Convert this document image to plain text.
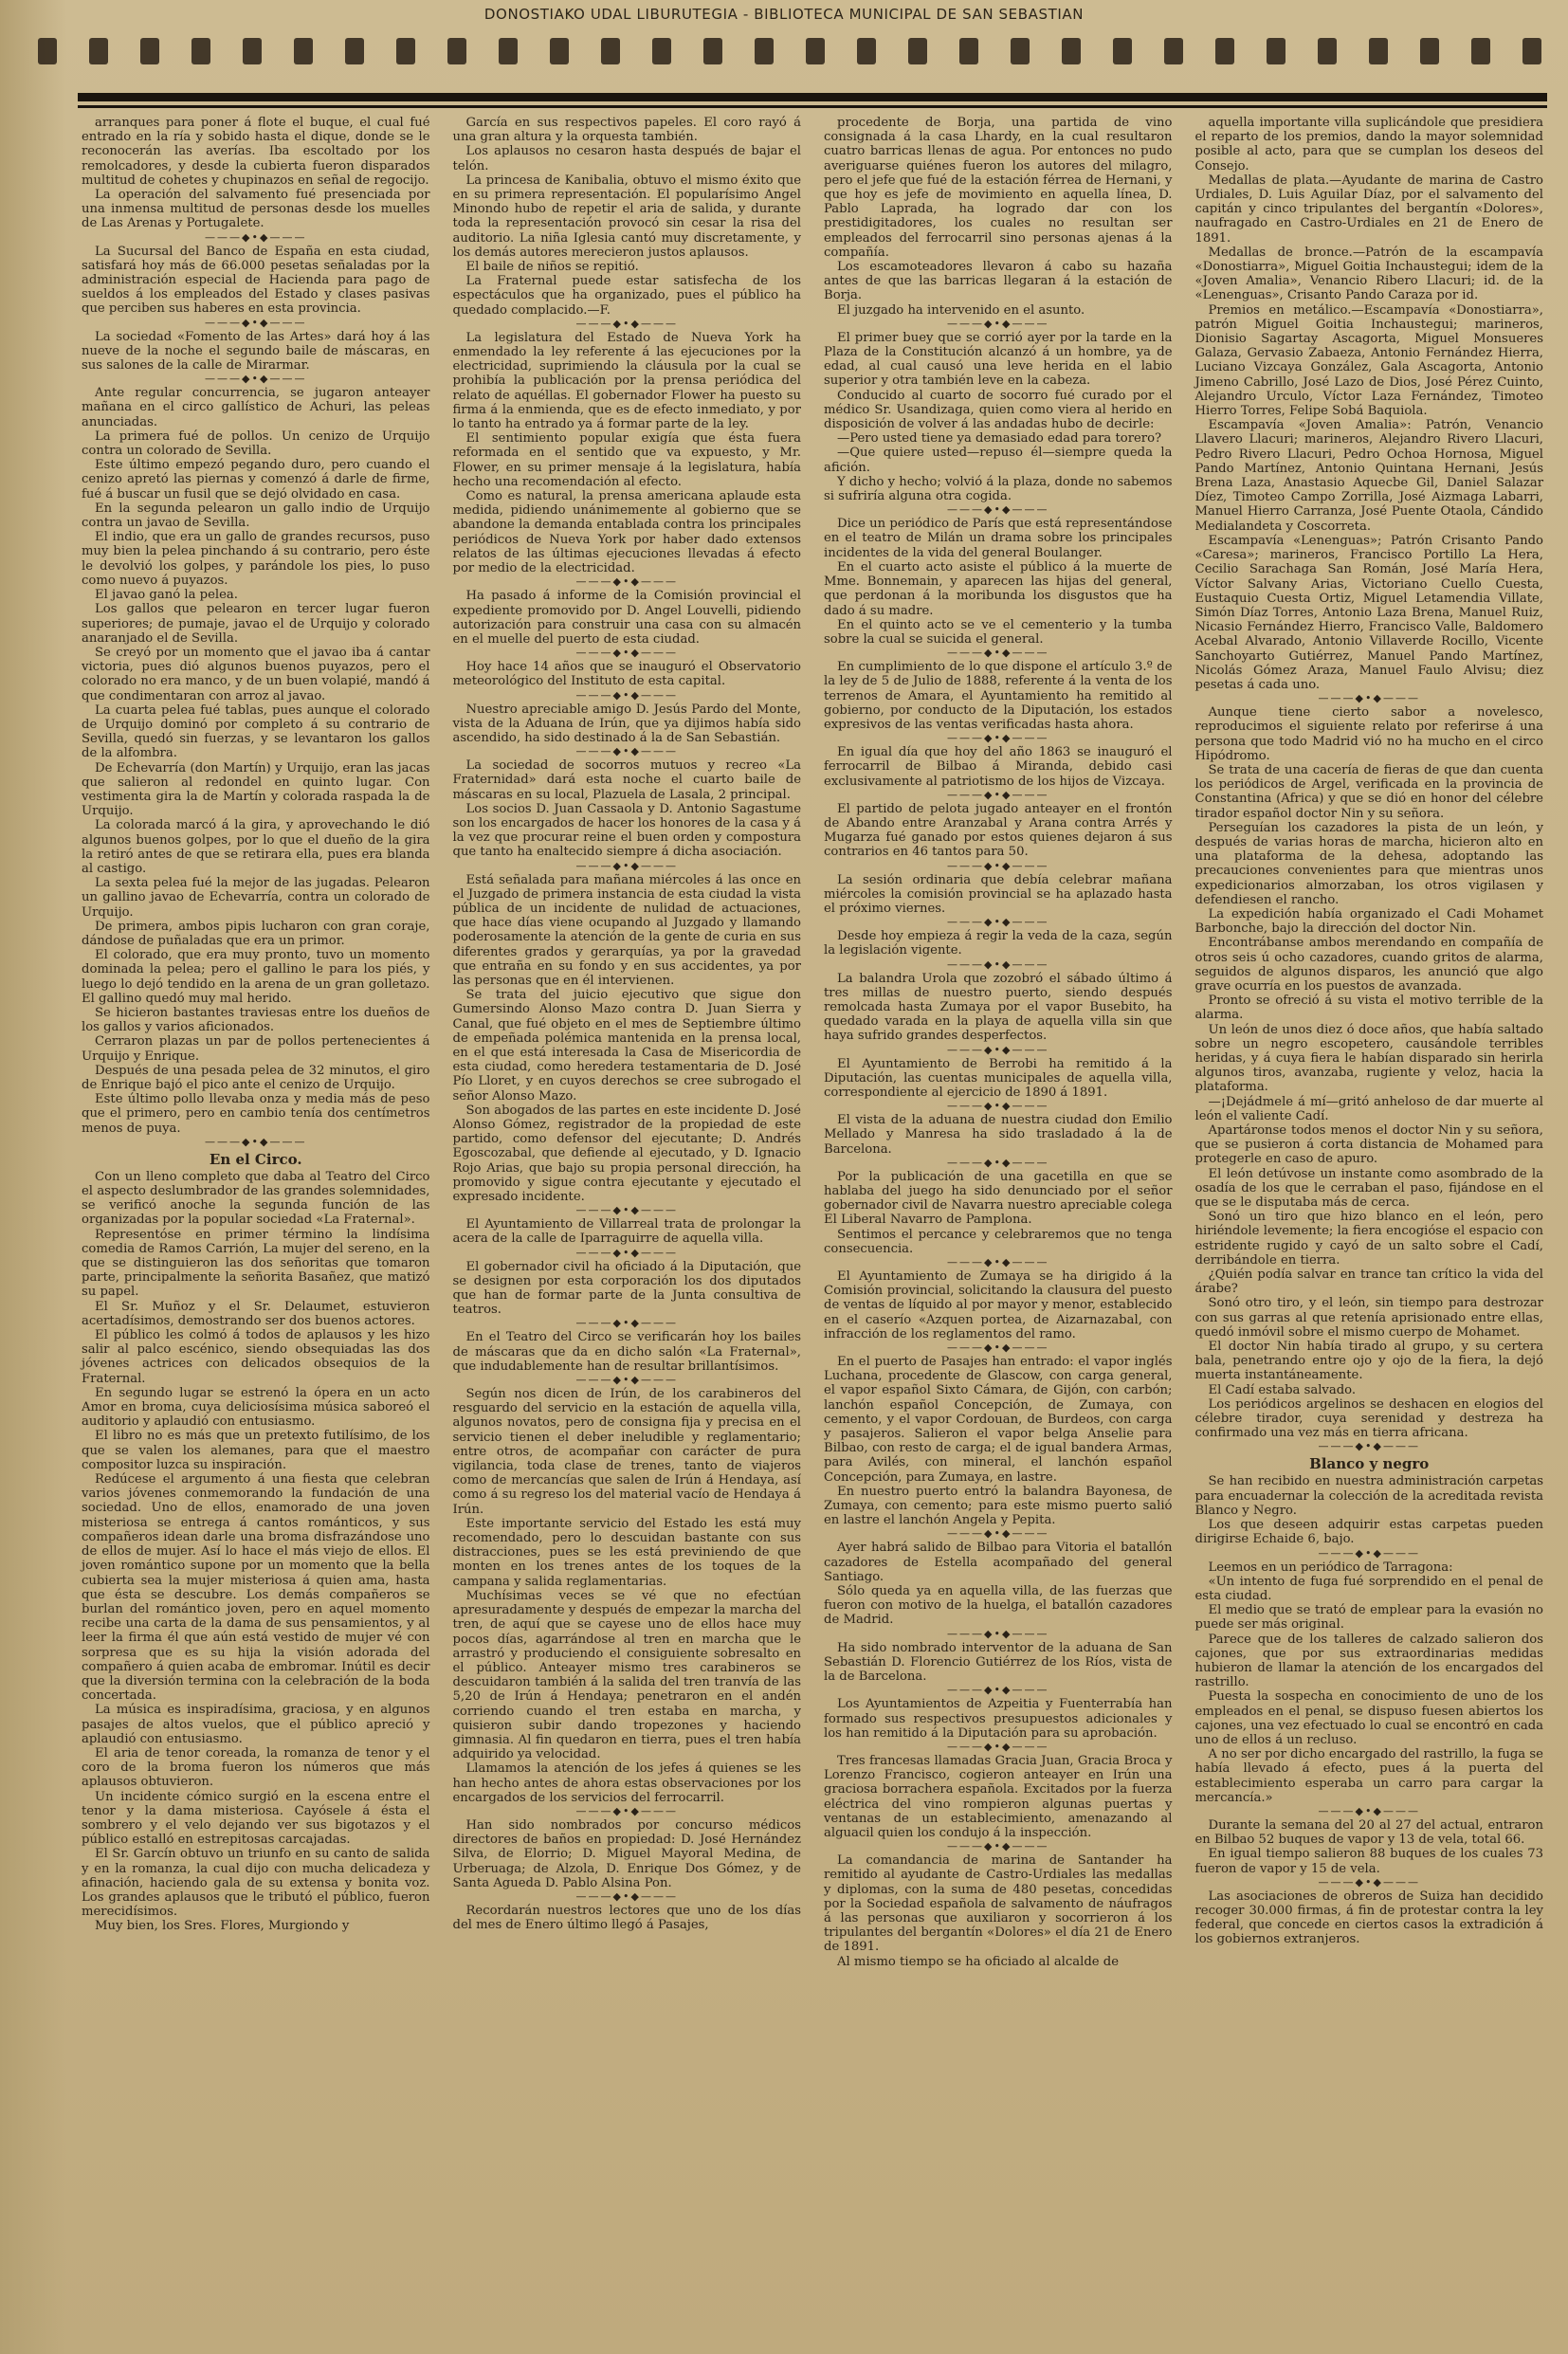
DONOSTIAKO UDAL LIBURUTEGIA - BIBLIOTECA MUNICIPAL DE SAN SEBASTIAN

arranques para poner á flote el buque, el cual fué entrado en la ría y sobido hasta el dique, donde se le reconocerán las averías. Iba escoltado por los remolcadores, y desde la cubierta fueron disparados multitud de cohetes y chupinazos en señal de regocijo.

La operación del salvamento fué presenciada por una inmensa multitud de personas desde los muelles de Las Arenas y Portugalete.

———◆•◆———

La Sucursal del Banco de España en esta ciudad, satisfará hoy más de 66.000 pesetas señaladas por la administración especial de Hacienda para pago de sueldos á los empleados del Estado y clases pasivas que perciben sus haberes en esta provincia.

———◆•◆———

La sociedad «Fomento de las Artes» dará hoy á las nueve de la noche el segundo baile de máscaras, en sus salones de la calle de Mirarmar.

———◆•◆———

Ante regular concurrencia, se jugaron anteayer mañana en el circo gallístico de Achuri, las peleas anunciadas.

La primera fué de pollos. Un cenizo de Urquijo contra un colorado de Sevilla.

Este último empezó pegando duro, pero cuando el cenizo apretó las piernas y comenzó á darle de firme, fué á buscar un fusil que se dejó olvidado en casa.

En la segunda pelearon un gallo indio de Urquijo contra un javao de Sevilla.

El indio, que era un gallo de grandes recursos, puso muy bien la pelea pinchando á su contrario, pero éste le devolvió los golpes, y parándole los pies, lo puso como nuevo á puyazos.

El javao ganó la pelea.

Los gallos que pelearon en tercer lugar fueron superiores; de pumaje, javao el de Urquijo y colorado anaranjado el de Sevilla.

Se creyó por un momento que el javao iba á cantar victoria, pues dió algunos buenos puyazos, pero el colorado no era manco, y de un buen volapié, mandó á que condimentaran con arroz al javao.

La cuarta pelea fué tablas, pues aunque el colorado de Urquijo dominó por completo á su contrario de Sevilla, quedó sin fuerzas, y se levantaron los gallos de la alfombra.

De Echevarría (don Martín) y Urquijo, eran las jacas que salieron al redondel en quinto lugar. Con vestimenta gira la de Martín y colorada raspada la de Urquijo.

La colorada marcó á la gira, y aprovechando le dió algunos buenos golpes, por lo que el dueño de la gira la retiró antes de que se retirara ella, pues era blanda al castigo.

La sexta pelea fué la mejor de las jugadas. Pelearon un gallino javao de Echevarría, contra un colorado de Urquijo.

De primera, ambos pipis lucharon con gran coraje, dándose de puñaladas que era un primor.

El colorado, que era muy pronto, tuvo un momento dominada la pelea; pero el gallino le para los piés, y luego lo dejó tendido en la arena de un gran golletazo. El gallino quedó muy mal herido.

Se hicieron bastantes traviesas entre los dueños de los gallos y varios aficionados.

Cerraron plazas un par de pollos pertenecientes á Urquijo y Enrique.

Después de una pesada pelea de 32 minutos, el giro de Enrique bajó el pico ante el cenizo de Urquijo.

Este último pollo llevaba onza y media más de peso que el primero, pero en cambio tenía dos centímetros menos de puya.

———◆•◆———
En el Circo.

Con un lleno completo que daba al Teatro del Circo el aspecto deslumbrador de las grandes solemnidades, se verificó anoche la segunda función de las organizadas por la popular sociedad «La Fraternal».

Representóse en primer término la lindísima comedia de Ramos Carrión, La mujer del sereno, en la que se distinguieron las dos señoritas que tomaron parte, principalmente la señorita Basañez, que matizó su papel.

El Sr. Muñoz y el Sr. Delaumet, estuvieron acertadísimos, demostrando ser dos buenos actores.

El público les colmó á todos de aplausos y les hizo salir al palco escénico, siendo obsequiadas las dos jóvenes actrices con delicados obsequios de la Fraternal.

En segundo lugar se estrenó la ópera en un acto Amor en broma, cuya deliciosísima música saboreó el auditorio y aplaudió con entusiasmo.

El libro no es más que un pretexto futilísimo, de los que se valen los alemanes, para que el maestro compositor luzca su inspiración.

Redúcese el argumento á una fiesta que celebran varios jóvenes conmemorando la fundación de una sociedad. Uno de ellos, enamorado de una joven misteriosa se entrega á cantos románticos, y sus compañeros idean darle una broma disfrazándose uno de ellos de mujer. Así lo hace el más viejo de ellos. El joven romántico supone por un momento que la bella cubierta sea la mujer misteriosa á quien ama, hasta que ésta se descubre. Los demás compañeros se burlan del romántico joven, pero en aquel momento recibe una carta de la dama de sus pensamientos, y al leer la firma él que aún está vestido de mujer vé con sorpresa que es su hija la visión adorada del compañero á quien acaba de embromar. Inútil es decir que la diversión termina con la celebración de la boda concertada.

La música es inspiradísima, graciosa, y en algunos pasajes de altos vuelos, que el público apreció y aplaudió con entusiasmo.

El aria de tenor coreada, la romanza de tenor y el coro de la broma fueron los números que más aplausos obtuvieron.

Un incidente cómico surgió en la escena entre el tenor y la dama misteriosa. Cayósele á ésta el sombrero y el velo dejando ver sus bigotazos y el público estalló en estrepitosas carcajadas.

El Sr. Garcín obtuvo un triunfo en su canto de salida y en la romanza, la cual dijo con mucha delicadeza y afinación, haciendo gala de su extensa y bonita voz. Los grandes aplausos que le tributó el público, fueron merecidísimos.

Muy bien, los Sres. Flores, Murgiondo y

García en sus respectivos papeles. El coro rayó á una gran altura y la orquesta también.

Los aplausos no cesaron hasta después de bajar el telón.

La princesa de Kanibalia, obtuvo el mismo éxito que en su primera representación. El popularísimo Angel Minondo hubo de repetir el aria de salida, y durante toda la representación provocó sin cesar la risa del auditorio. La niña Iglesia cantó muy discretamente, y los demás autores merecieron justos aplausos.

El baile de niños se repitió.

La Fraternal puede estar satisfecha de los espectáculos que ha organizado, pues el público ha quedado complacido.—F.

———◆•◆———

La legislatura del Estado de Nueva York ha enmendado la ley referente á las ejecuciones por la electricidad, suprimiendo la cláusula por la cual se prohibía la publicación por la prensa periódica del relato de aquéllas. El gobernador Flower ha puesto su firma á la enmienda, que es de efecto inmediato, y por lo tanto ha entrado ya á formar parte de la ley.

El sentimiento popular exigía que ésta fuera reformada en el sentido que va expuesto, y Mr. Flower, en su primer mensaje á la legislatura, había hecho una recomendación al efecto.

Como es natural, la prensa americana aplaude esta medida, pidiendo unánimemente al gobierno que se abandone la demanda entablada contra los principales periódicos de Nueva York por haber dado extensos relatos de las últimas ejecuciones llevadas á efecto por medio de la electricidad.

———◆•◆———

Ha pasado á informe de la Comisión provincial el expediente promovido por D. Angel Louvelli, pidiendo autorización para construir una casa con su almacén en el muelle del puerto de esta ciudad.

———◆•◆———

Hoy hace 14 años que se inauguró el Observatorio meteorológico del Instituto de esta capital.

———◆•◆———

Nuestro apreciable amigo D. Jesús Pardo del Monte, vista de la Aduana de Irún, que ya dijimos había sido ascendido, ha sido destinado á la de San Sebastián.

———◆•◆———

La sociedad de socorros mutuos y recreo «La Fraternidad» dará esta noche el cuarto baile de máscaras en su local, Plazuela de Lasala, 2 principal.

Los socios D. Juan Cassaola y D. Antonio Sagastume son los encargados de hacer los honores de la casa y á la vez que procurar reine el buen orden y compostura que tanto ha enaltecido siempre á dicha asociación.

———◆•◆———

Está señalada para mañana miércoles á las once en el Juzgado de primera instancia de esta ciudad la vista pública de un incidente de nulidad de actuaciones, que hace días viene ocupando al Juzgado y llamando poderosamente la atención de la gente de curia en sus diferentes grados y gerarquías, ya por la gravedad que entraña en su fondo y en sus accidentes, ya por las personas que en él intervienen.

Se trata del juicio ejecutivo que sigue don Gumersindo Alonso Mazo contra D. Juan Sierra y Canal, que fué objeto en el mes de Septiembre último de empeñada polémica mantenida en la prensa local, en el que está interesada la Casa de Misericordia de esta ciudad, como heredera testamentaria de D. José Pío Lloret, y en cuyos derechos se cree subrogado el señor Alonso Mazo.

Son abogados de las partes en este incidente D. José Alonso Gómez, registrador de la propiedad de este partido, como defensor del ejecutante; D. Andrés Egoscozabal, que defiende al ejecutado, y D. Ignacio Rojo Arias, que bajo su propia personal dirección, ha promovido y sigue contra ejecutante y ejecutado el expresado incidente.

———◆•◆———

El Ayuntamiento de Villarreal trata de prolongar la acera de la calle de Iparraguirre de aquella villa.

———◆•◆———

El gobernador civil ha oficiado á la Diputación, que se designen por esta corporación los dos diputados que han de formar parte de la Junta consultiva de teatros.

———◆•◆———

En el Teatro del Circo se verificarán hoy los bailes de máscaras que da en dicho salón «La Fraternal», que indudablemente han de resultar brillantísimos.

———◆•◆———

Según nos dicen de Irún, de los carabineros del resguardo del servicio en la estación de aquella villa, algunos novatos, pero de consigna fija y precisa en el servicio tienen el deber ineludible y reglamentario; entre otros, de acompañar con carácter de pura vigilancia, toda clase de trenes, tanto de viajeros como de mercancías que salen de Irún á Hendaya, así como á su regreso los del material vacío de Hendaya á Irún.

Este importante servicio del Estado les está muy recomendado, pero lo descuidan bastante con sus distracciones, pues se les está previniendo de que monten en los trenes antes de los toques de la campana y salida reglamentarias.

Muchísimas veces se vé que no efectúan apresuradamente y después de empezar la marcha del tren, de aquí que se cayese uno de ellos hace muy pocos días, agarrándose al tren en marcha que le arrastró y produciendo el consiguiente sobresalto en el público. Anteayer mismo tres carabineros se descuidaron también á la salida del tren tranvía de las 5,20 de Irún á Hendaya; penetraron en el andén corriendo cuando el tren estaba en marcha, y quisieron subir dando tropezones y haciendo gimnasia. Al fin quedaron en tierra, pues el tren había adquirido ya velocidad.

Llamamos la atención de los jefes á quienes se les han hecho antes de ahora estas observaciones por los encargados de los servicios del ferrocarril.

———◆•◆———

Han sido nombrados por concurso médicos directores de baños en propiedad: D. José Hernández Silva, de Elorrio; D. Miguel Mayoral Medina, de Urberuaga; de Alzola, D. Enrique Dos Gómez, y de Santa Agueda D. Pablo Alsina Pon.

———◆•◆———

Recordarán nuestros lectores que uno de los días del mes de Enero último llegó á Pasajes,

procedente de Borja, una partida de vino consignada á la casa Lhardy, en la cual resultaron cuatro barricas llenas de agua. Por entonces no pudo averiguarse quiénes fueron los autores del milagro, pero el jefe que fué de la estación férrea de Hernani, y que hoy es jefe de movimiento en aquella línea, D. Pablo Laprada, ha logrado dar con los prestidigitadores, los cuales no resultan ser empleados del ferrocarril sino personas ajenas á la compañía.

Los escamoteadores llevaron á cabo su hazaña antes de que las barricas llegaran á la estación de Borja.

El juzgado ha intervenido en el asunto.

———◆•◆———

El primer buey que se corrió ayer por la tarde en la Plaza de la Constitución alcanzó á un hombre, ya de edad, al cual causó una leve herida en el labio superior y otra también leve en la cabeza.

Conducido al cuarto de socorro fué curado por el médico Sr. Usandizaga, quien como viera al herido en disposición de volver á las andadas hubo de decirle:

—Pero usted tiene ya demasiado edad para torero?

—Que quiere usted—repuso él—siempre queda la afición.

Y dicho y hecho; volvió á la plaza, donde no sabemos si sufriría alguna otra cogida.

———◆•◆———

Dice un periódico de París que está representándose en el teatro de Milán un drama sobre los principales incidentes de la vida del general Boulanger.

En el cuarto acto asiste el público á la muerte de Mme. Bonnemain, y aparecen las hijas del general, que perdonan á la moribunda los disgustos que ha dado á su madre.

En el quinto acto se ve el cementerio y la tumba sobre la cual se suicida el general.

———◆•◆———

En cumplimiento de lo que dispone el artículo 3.º de la ley de 5 de Julio de 1888, referente á la venta de los terrenos de Amara, el Ayuntamiento ha remitido al gobierno, por conducto de la Diputación, los estados expresivos de las ventas verificadas hasta ahora.

———◆•◆———

En igual día que hoy del año 1863 se inauguró el ferrocarril de Bilbao á Miranda, debido casi exclusivamente al patriotismo de los hijos de Vizcaya.

———◆•◆———

El partido de pelota jugado anteayer en el frontón de Abando entre Aranzabal y Arana contra Arrés y Mugarza fué ganado por estos quienes dejaron á sus contrarios en 46 tantos para 50.

———◆•◆———

La sesión ordinaria que debía celebrar mañana miércoles la comisión provincial se ha aplazado hasta el próximo viernes.

———◆•◆———

Desde hoy empieza á regir la veda de la caza, según la legislación vigente.

———◆•◆———

La balandra Urola que zozobró el sábado último á tres millas de nuestro puerto, siendo después remolcada hasta Zumaya por el vapor Busebito, ha quedado varada en la playa de aquella villa sin que haya sufrido grandes desperfectos.

———◆•◆———

El Ayuntamiento de Berrobi ha remitido á la Diputación, las cuentas municipales de aquella villa, correspondiente al ejercicio de 1890 á 1891.

———◆•◆———

El vista de la aduana de nuestra ciudad don Emilio Mellado y Manresa ha sido trasladado á la de Barcelona.

———◆•◆———

Por la publicación de una gacetilla en que se hablaba del juego ha sido denunciado por el señor gobernador civil de Navarra nuestro apreciable colega El Liberal Navarro de Pamplona.

Sentimos el percance y celebraremos que no tenga consecuencia.

———◆•◆———

El Ayuntamiento de Zumaya se ha dirigido á la Comisión provincial, solicitando la clausura del puesto de ventas de líquido al por mayor y menor, establecido en el caserío «Azquen portea, de Aizarnazabal, con infracción de los reglamentos del ramo.

———◆•◆———

En el puerto de Pasajes han entrado: el vapor inglés Luchana, procedente de Glascow, con carga general, el vapor español Sixto Cámara, de Gijón, con carbón; lanchón español Concepción, de Zumaya, con cemento, y el vapor Cordouan, de Burdeos, con carga y pasajeros. Salieron el vapor belga Anselie para Bilbao, con resto de carga; el de igual bandera Armas, para Avilés, con mineral, el lanchón español Concepción, para Zumaya, en lastre.

En nuestro puerto entró la balandra Bayonesa, de Zumaya, con cemento; para este mismo puerto salió en lastre el lanchón Angela y Pepita.

———◆•◆———

Ayer habrá salido de Bilbao para Vitoria el batallón cazadores de Estella acompañado del general Santiago.

Sólo queda ya en aquella villa, de las fuerzas que fueron con motivo de la huelga, el batallón cazadores de Madrid.

———◆•◆———

Ha sido nombrado interventor de la aduana de San Sebastián D. Florencio Gutiérrez de los Ríos, vista de la de Barcelona.

———◆•◆———

Los Ayuntamientos de Azpeitia y Fuenterrabía han formado sus respectivos presupuestos adicionales y los han remitido á la Diputación para su aprobación.

———◆•◆———

Tres francesas llamadas Gracia Juan, Gracia Broca y Lorenzo Francisco, cogieron anteayer en Irún una graciosa borrachera española. Excitados por la fuerza eléctrica del vino rompieron algunas puertas y ventanas de un establecimiento, amenazando al alguacil quien los condujo á la inspección.

———◆•◆———

La comandancia de marina de Santander ha remitido al ayudante de Castro-Urdiales las medallas y diplomas, con la suma de 480 pesetas, concedidas por la Sociedad española de salvamento de náufragos á las personas que auxiliaron y socorrieron á los tripulantes del bergantín «Dolores» el día 21 de Enero de 1891.

Al mismo tiempo se ha oficiado al alcalde de

aquella importante villa suplicándole que presidiera el reparto de los premios, dando la mayor solemnidad posible al acto, para que se cumplan los deseos del Consejo.

Medallas de plata.—Ayudante de marina de Castro Urdiales, D. Luis Aguilar Díaz, por el salvamento del capitán y cinco tripulantes del bergantín «Dolores», naufragado en Castro-Urdiales en 21 de Enero de 1891.

Medallas de bronce.—Patrón de la escampavía «Donostiarra», Miguel Goitia Inchaustegui; idem de la «Joven Amalia», Venancio Ribero Llacuri; id. de la «Lenenguas», Crisanto Pando Caraza por id.

Premios en metálico.—Escampavía «Donostiarra», patrón Miguel Goitia Inchaustegui; marineros, Dionisio Sagartay Ascagorta, Miguel Monsueres Galaza, Gervasio Zabaeza, Antonio Fernández Hierra, Luciano Vizcaya González, Gala Ascagorta, Antonio Jimeno Cabrillo, José Lazo de Dios, José Pérez Cuinto, Alejandro Urculo, Víctor Laza Fernández, Timoteo Hierro Torres, Felipe Sobá Baquiola.

Escampavía «Joven Amalia»: Patrón, Venancio Llavero Llacuri; marineros, Alejandro Rivero Llacuri, Pedro Rivero Llacuri, Pedro Ochoa Hornosa, Miguel Pando Martínez, Antonio Quintana Hernani, Jesús Brena Laza, Anastasio Aquecbe Gil, Daniel Salazar Díez, Timoteo Campo Zorrilla, José Aizmaga Labarri, Manuel Hierro Carranza, José Puente Otaola, Cándido Medialandeta y Coscorreta.

Escampavía «Lenenguas»; Patrón Crisanto Pando «Caresa»; marineros, Francisco Portillo La Hera, Cecilio Sarachaga San Román, José María Hera, Víctor Salvany Arias, Victoriano Cuello Cuesta, Eustaquio Cuesta Ortiz, Miguel Letamendia Villate, Simón Díaz Torres, Antonio Laza Brena, Manuel Ruiz, Nicasio Fernández Hierro, Francisco Valle, Baldomero Acebal Alvarado, Antonio Villaverde Rocillo, Vicente Sanchoyarto Gutiérrez, Manuel Pando Martínez, Nicolás Gómez Araza, Manuel Faulo Alvisu; diez pesetas á cada uno.

———◆•◆———

Aunque tiene cierto sabor a novelesco, reproducimos el siguiente relato por referirse á una persona que todo Madrid vió no ha mucho en el circo Hipódromo.

Se trata de una cacería de fieras de que dan cuenta los periódicos de Argel, verificada en la provincia de Constantina (Africa) y que se dió en honor del célebre tirador español doctor Nin y su señora.

Perseguían los cazadores la pista de un león, y después de varias horas de marcha, hicieron alto en una plataforma de la dehesa, adoptando las precauciones convenientes para que mientras unos expedicionarios almorzaban, los otros vigilasen y defendiesen el rancho.

La expedición había organizado el Cadi Mohamet Barbonche, bajo la dirección del doctor Nin.

Encontrábanse ambos merendando en compañía de otros seis ú ocho cazadores, cuando gritos de alarma, seguidos de algunos disparos, les anunció que algo grave ocurría en los puestos de avanzada.

Pronto se ofreció á su vista el motivo terrible de la alarma.

Un león de unos diez ó doce años, que había saltado sobre un negro escopetero, causándole terribles heridas, y á cuya fiera le habían disparado sin herirla algunos tiros, avanzaba, rugiente y veloz, hacia la plataforma.

—¡Dejádmele á mí—gritó anheloso de dar muerte al león el valiente Cadí.

Apartáronse todos menos el doctor Nin y su señora, que se pusieron á corta distancia de Mohamed para protegerle en caso de apuro.

El león detúvose un instante como asombrado de la osadía de los que le cerraban el paso, fijándose en el que se le disputaba más de cerca.

Sonó un tiro que hizo blanco en el león, pero hiriéndole levemente; la fiera encogióse el espacio con estridente rugido y cayó de un salto sobre el Cadí, derribándole en tierra.

¿Quién podía salvar en trance tan crítico la vida del árabe?

Sonó otro tiro, y el león, sin tiempo para destrozar con sus garras al que retenía aprisionado entre ellas, quedó inmóvil sobre el mismo cuerpo de Mohamet.

El doctor Nin había tirado al grupo, y su certera bala, penetrando entre ojo y ojo de la fiera, la dejó muerta instantáneamente.

El Cadí estaba salvado.

Los periódicos argelinos se deshacen en elogios del célebre tirador, cuya serenidad y destreza ha confirmado una vez más en tierra africana.

———◆•◆———
Blanco y negro

Se han recibido en nuestra administración carpetas para encuadernar la colección de la acreditada revista Blanco y Negro.

Los que deseen adquirir estas carpetas pueden dirigirse Echaide 6, bajo.

———◆•◆———

Leemos en un periódico de Tarragona:

«Un intento de fuga fué sorprendido en el penal de esta ciudad.

El medio que se trató de emplear para la evasión no puede ser más original.

Parece que de los talleres de calzado salieron dos cajones, que por sus extraordinarias medidas hubieron de llamar la atención de los encargados del rastrillo.

Puesta la sospecha en conocimiento de uno de los empleados en el penal, se dispuso fuesen abiertos los cajones, una vez efectuado lo cual se encontró en cada uno de ellos á un recluso.

A no ser por dicho encargado del rastrillo, la fuga se había llevado á efecto, pues á la puerta del establecimiento esperaba un carro para cargar la mercancía.»

———◆•◆———

Durante la semana del 20 al 27 del actual, entraron en Bilbao 52 buques de vapor y 13 de vela, total 66.

En igual tiempo salieron 88 buques de los cuales 73 fueron de vapor y 15 de vela.

———◆•◆———

Las asociaciones de obreros de Suiza han decidido recoger 30.000 firmas, á fin de protestar contra la ley federal, que concede en ciertos casos la extradición á los gobiernos extranjeros.
